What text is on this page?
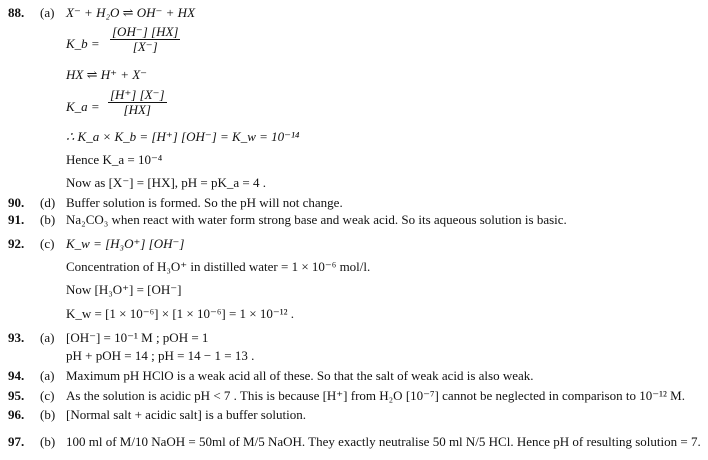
88. (a) X⁻ + H₂O ⇌ OH⁻ + HX
K_b = $\frac{[OH^-] [HX]}{[X^-]}$
HX ⇌ H⁺ + X⁻
K_a = $\frac{[H^+] [X^-]}{[HX]}$
∴ K_a × K_b = [H⁺] [OH⁻] = K_w = 10⁻¹⁴
Hence K_a = 10⁻⁴
Now as [X⁻] = [HX], pH = pK_a = 4 .
90. (d) Buffer solution is formed. So the pH will not change.
91. (b) Na₂CO₃ when react with water form strong base and weak acid. So its aqueous solution is basic.
92. (c) K_w = [H₃O⁺] [OH⁻]
Concentration of H₃O⁺ in distilled water = 1 × 10⁻⁶ mol/l.
Now [H₃O⁺] = [OH⁻]
K_w = [1 × 10⁻⁶] × [1 × 10⁻⁶] = 1 × 10⁻¹² .
93. (a) [OH⁻] = 10⁻¹ M ; pOH = 1
pH + pOH = 14 ; pH = 14 − 1 = 13 .
94. (a) Maximum pH HClO is a weak acid all of these. So that the salt of weak acid is also weak.
95. (c) As the solution is acidic pH < 7 . This is because [H⁺] from H₂O [10⁻⁷] cannot be neglected in comparison to 10⁻¹² M.
96. (b) [Normal salt + acidic salt] is a buffer solution.
97. (b) 100 ml of M/10 NaOH = 50ml of M/5 NaOH. They exactly neutralise 50 ml N/5 HCl. Hence pH of resulting solution = 7.
